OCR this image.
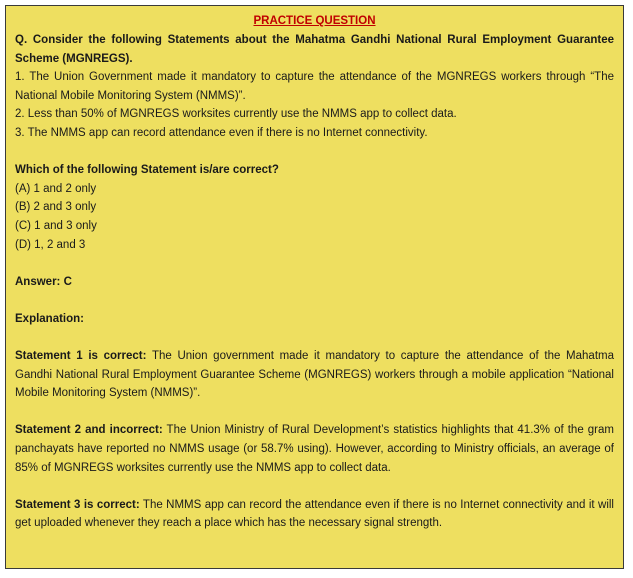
PRACTICE QUESTION

Q. Consider the following Statements about the Mahatma Gandhi National Rural Employment Guarantee Scheme (MGNREGS).

1. The Union Government made it mandatory to capture the attendance of the MGNREGS workers through “The National Mobile Monitoring System (NMMS)”.

2. Less than 50% of MGNREGS worksites currently use the NMMS app to collect data.

3. The NMMS app can record attendance even if there is no Internet connectivity.

Which of the following Statement is/are correct?

(A) 1 and 2 only

(B) 2 and 3 only

(C) 1 and 3 only

(D) 1, 2 and 3

Answer: C

Explanation:

Statement 1 is correct: The Union government made it mandatory to capture the attendance of the Mahatma Gandhi National Rural Employment Guarantee Scheme (MGNREGS) workers through a mobile application “National Mobile Monitoring System (NMMS)”.

Statement 2 and incorrect: The Union Ministry of Rural Development’s statistics highlights that 41.3% of the gram panchayats have reported no NMMS usage (or 58.7% using). However, according to Ministry officials, an average of 85% of MGNREGS worksites currently use the NMMS app to collect data.

Statement 3 is correct: The NMMS app can record the attendance even if there is no Internet connectivity and it will get uploaded whenever they reach a place which has the necessary signal strength.
